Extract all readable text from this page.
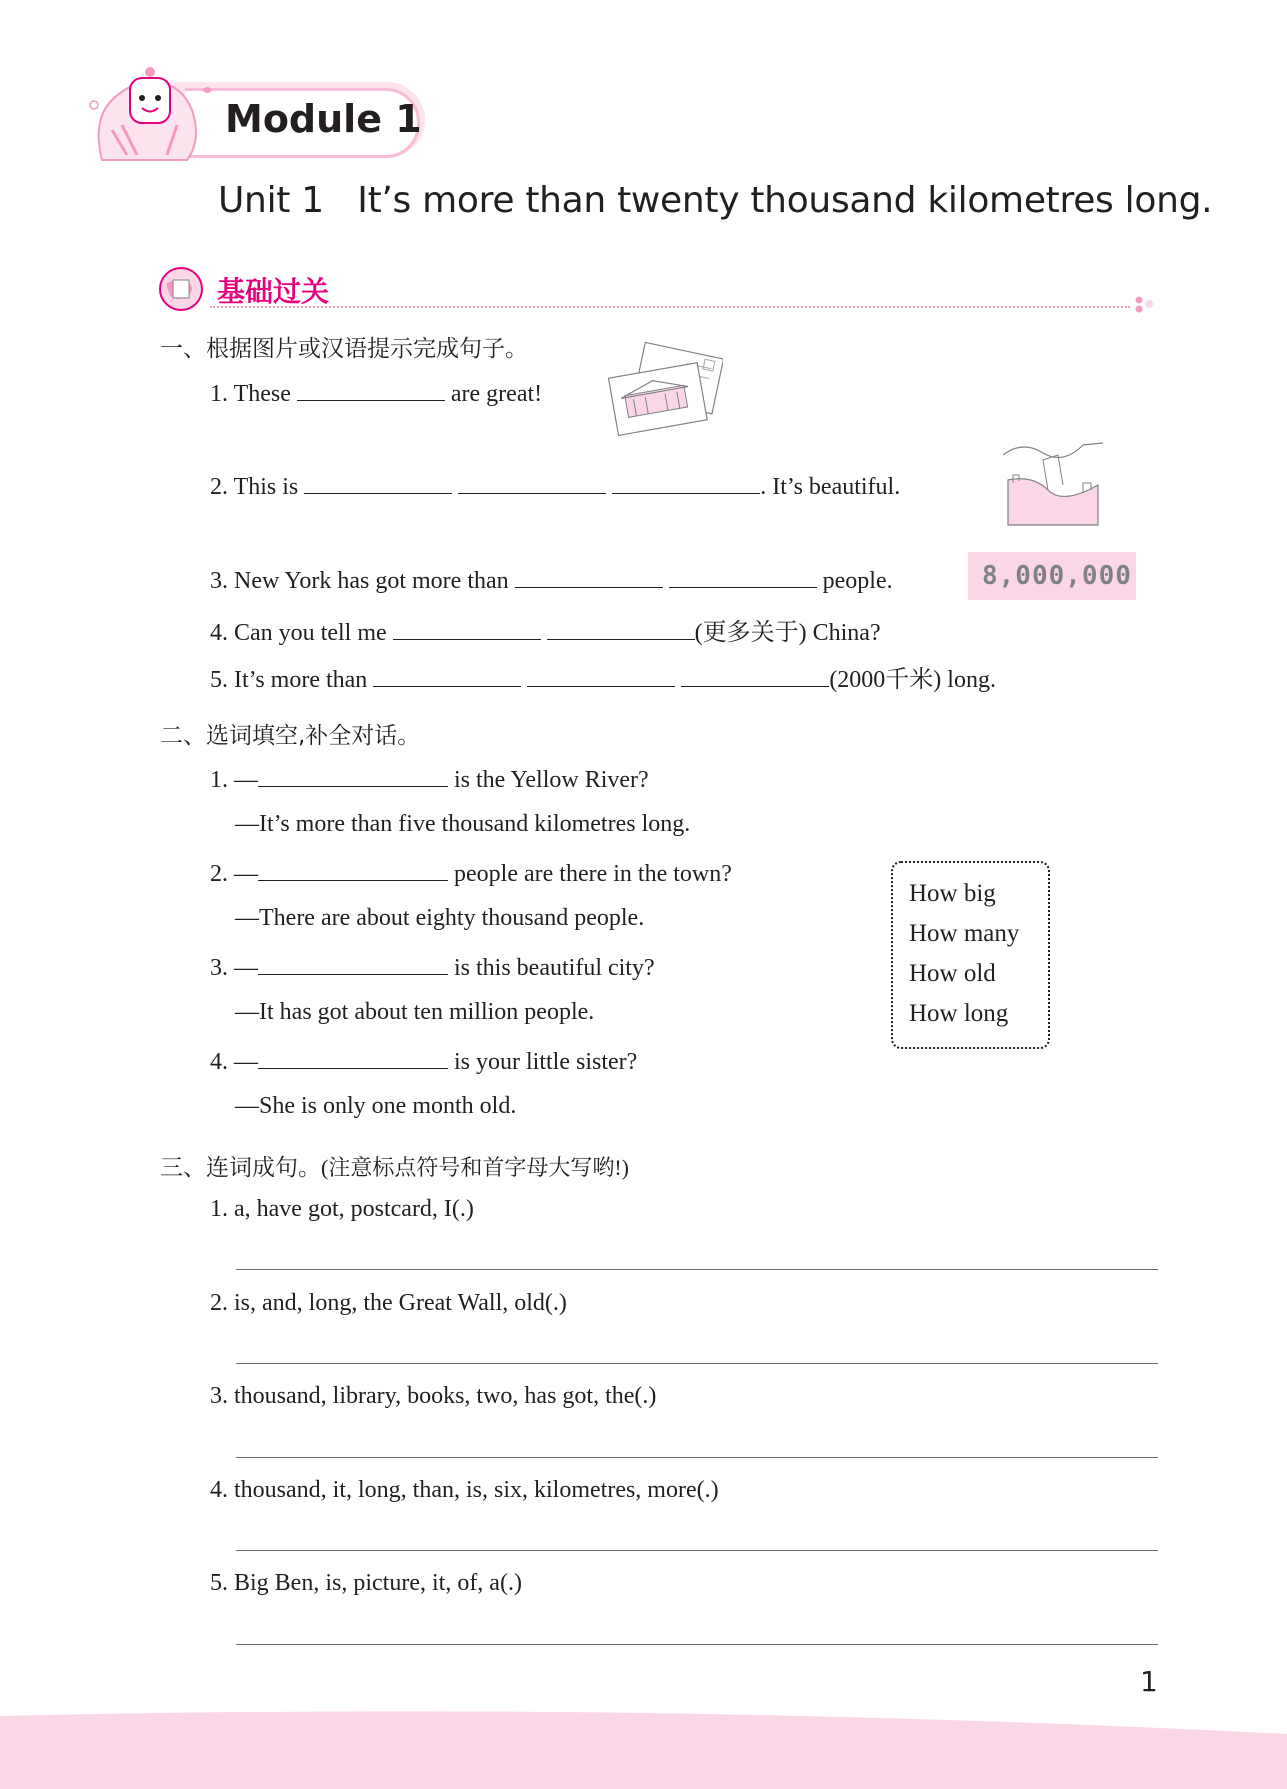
Module 1
Unit 1   It’s more than twenty thousand kilometres long.
基础过关
一、根据图片或汉语提示完成句子。
1. These	are great!
2. This is	. It’s beautiful.
3. New York has got more than	people.	8,000,000
4. Can you tell me	(更多关于) China?
5. It’s more than	(2000千米) long.
二、选词填空,补全对话。
1. —	is the Yellow River?
—It’s more than five thousand kilometres long.
2. —	people are there in the town?
—There are about eighty thousand people.
3. —	is this beautiful city?
—It has got about ten million people.
4. —	is your little sister?
—She is only one month old.
How big
How many
How old
How long
三、连词成句。(注意标点符号和首字母大写哟!)
1. a, have got, postcard, I(.)
2. is, and, long, the Great Wall, old(.)
3. thousand, library, books, two, has got, the(.)
4. thousand, it, long, than, is, six, kilometres, more(.)
5. Big Ben, is, picture, it, of, a(.)
1
